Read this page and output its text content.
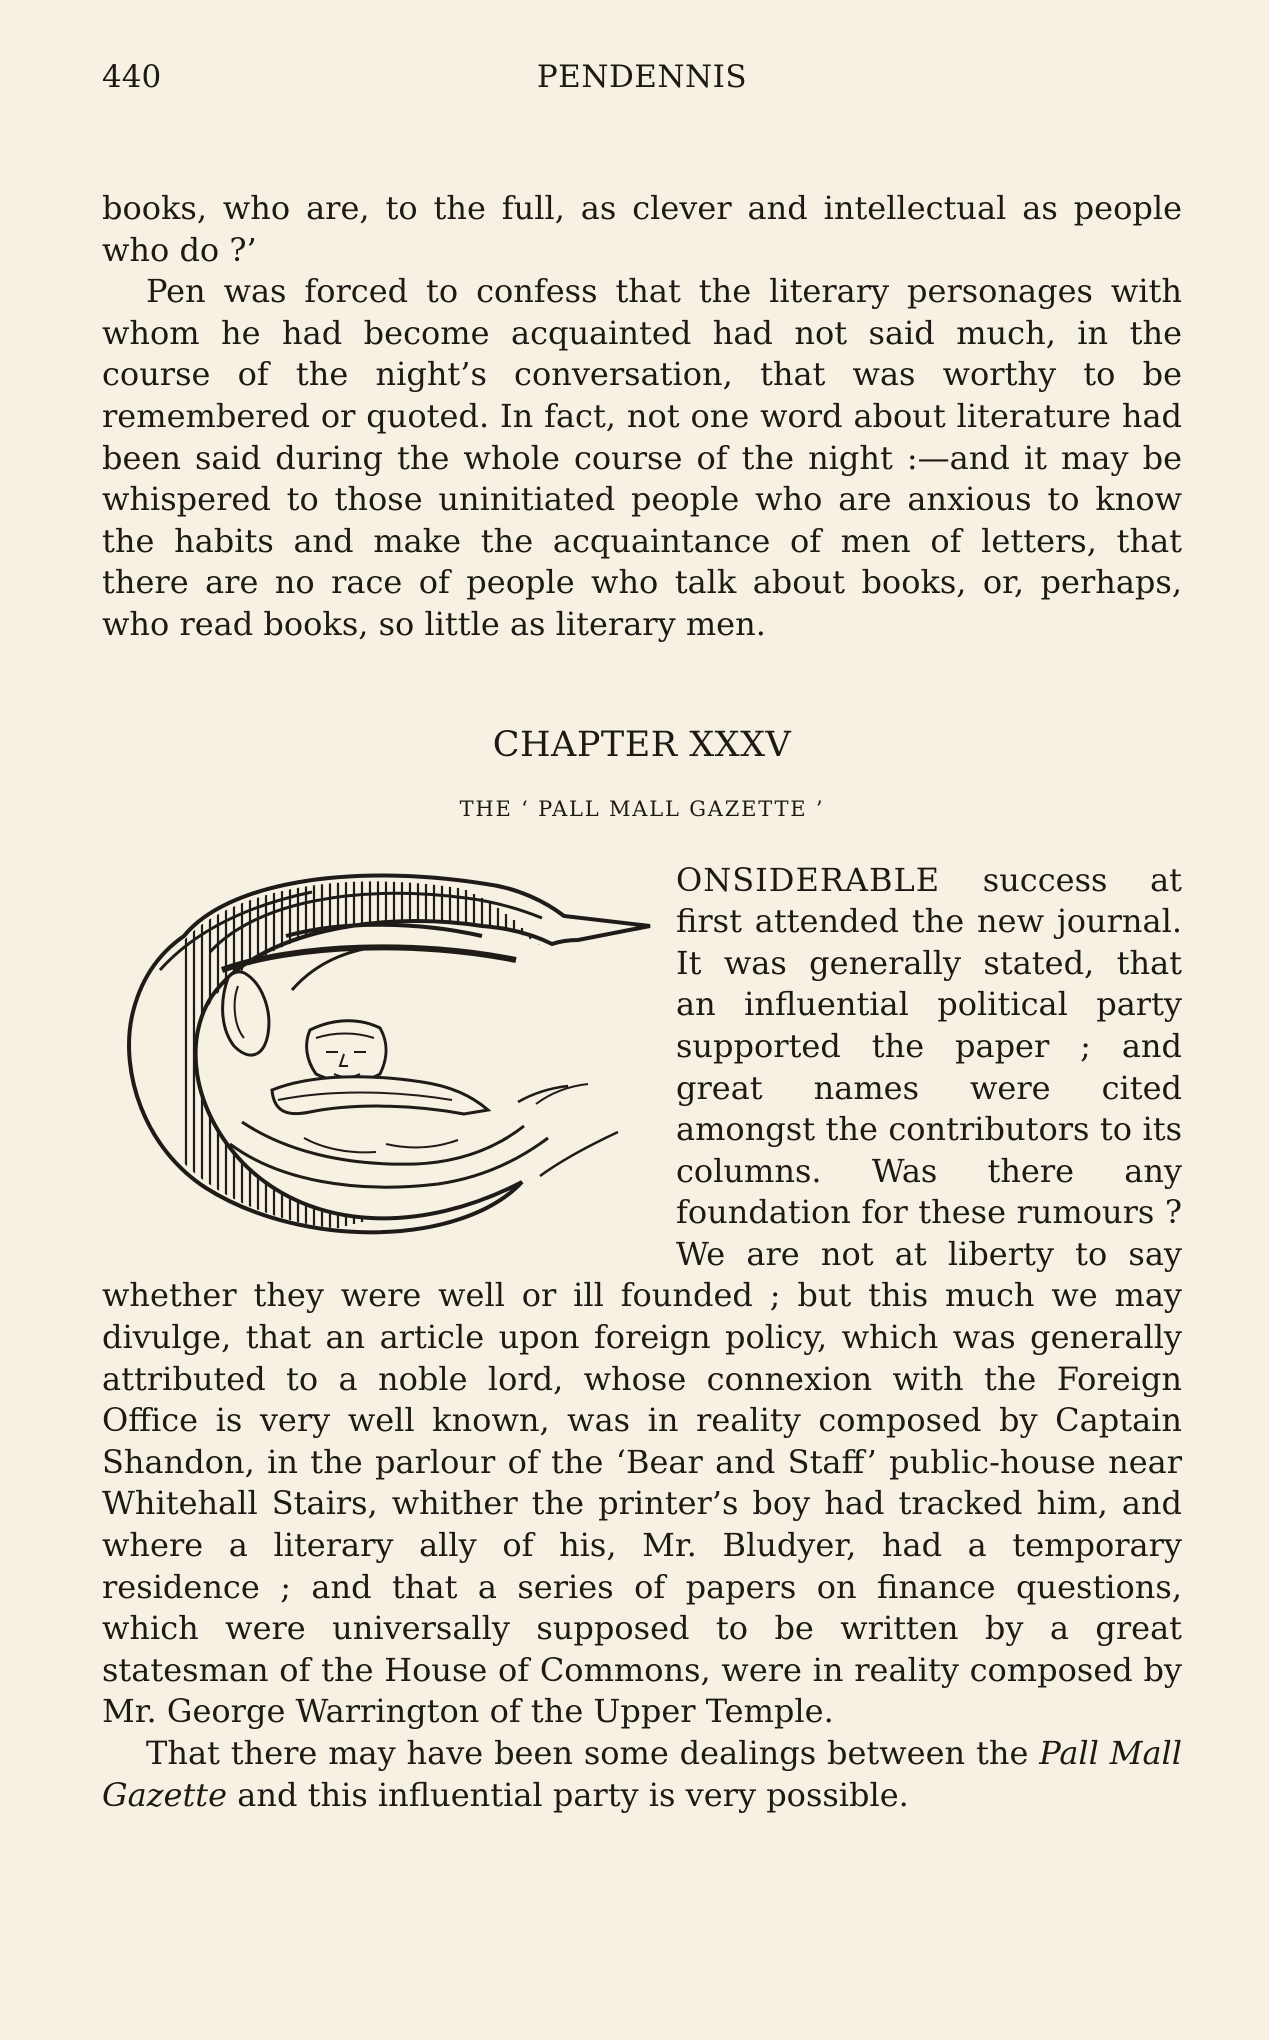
440	PENDENNIS

books, who are, to the full, as clever and intellectual as people who do ?’

Pen was forced to confess that the literary personages with whom he had become acquainted had not said much, in the course of the night’s conversation, that was worthy to be remembered or quoted. In fact, not one word about literature had been said during the whole course of the night :—and it may be whispered to those uninitiated people who are anxious to know the habits and make the acquaintance of men of letters, that there are no race of people who talk about books, or, perhaps, who read books, so little as literary men.

CHAPTER XXXV
THE ‘ PALL MALL GAZETTE ’

ONSIDERABLE success at first attended the new journal. It was generally stated, that an influential political party supported the paper ; and great names were cited amongst the contributors to its columns. Was there any foundation for these rumours ? We are not at liberty to say whether they were well or ill founded ; but this much we may divulge, that an article upon foreign policy, which was generally attributed to a noble lord, whose connexion with the Foreign Office is very well known, was in reality composed by Captain Shandon, in the parlour of the ‘Bear and Staff’ public-house near Whitehall Stairs, whither the printer’s boy had tracked him, and where a literary ally of his, Mr. Bludyer, had a temporary residence ; and that a series of papers on finance questions, which were universally supposed to be written by a great statesman of the House of Commons, were in reality composed by Mr. George Warrington of the Upper Temple.

That there may have been some dealings between the Pall Mall Gazette and this influential party is very possible.
